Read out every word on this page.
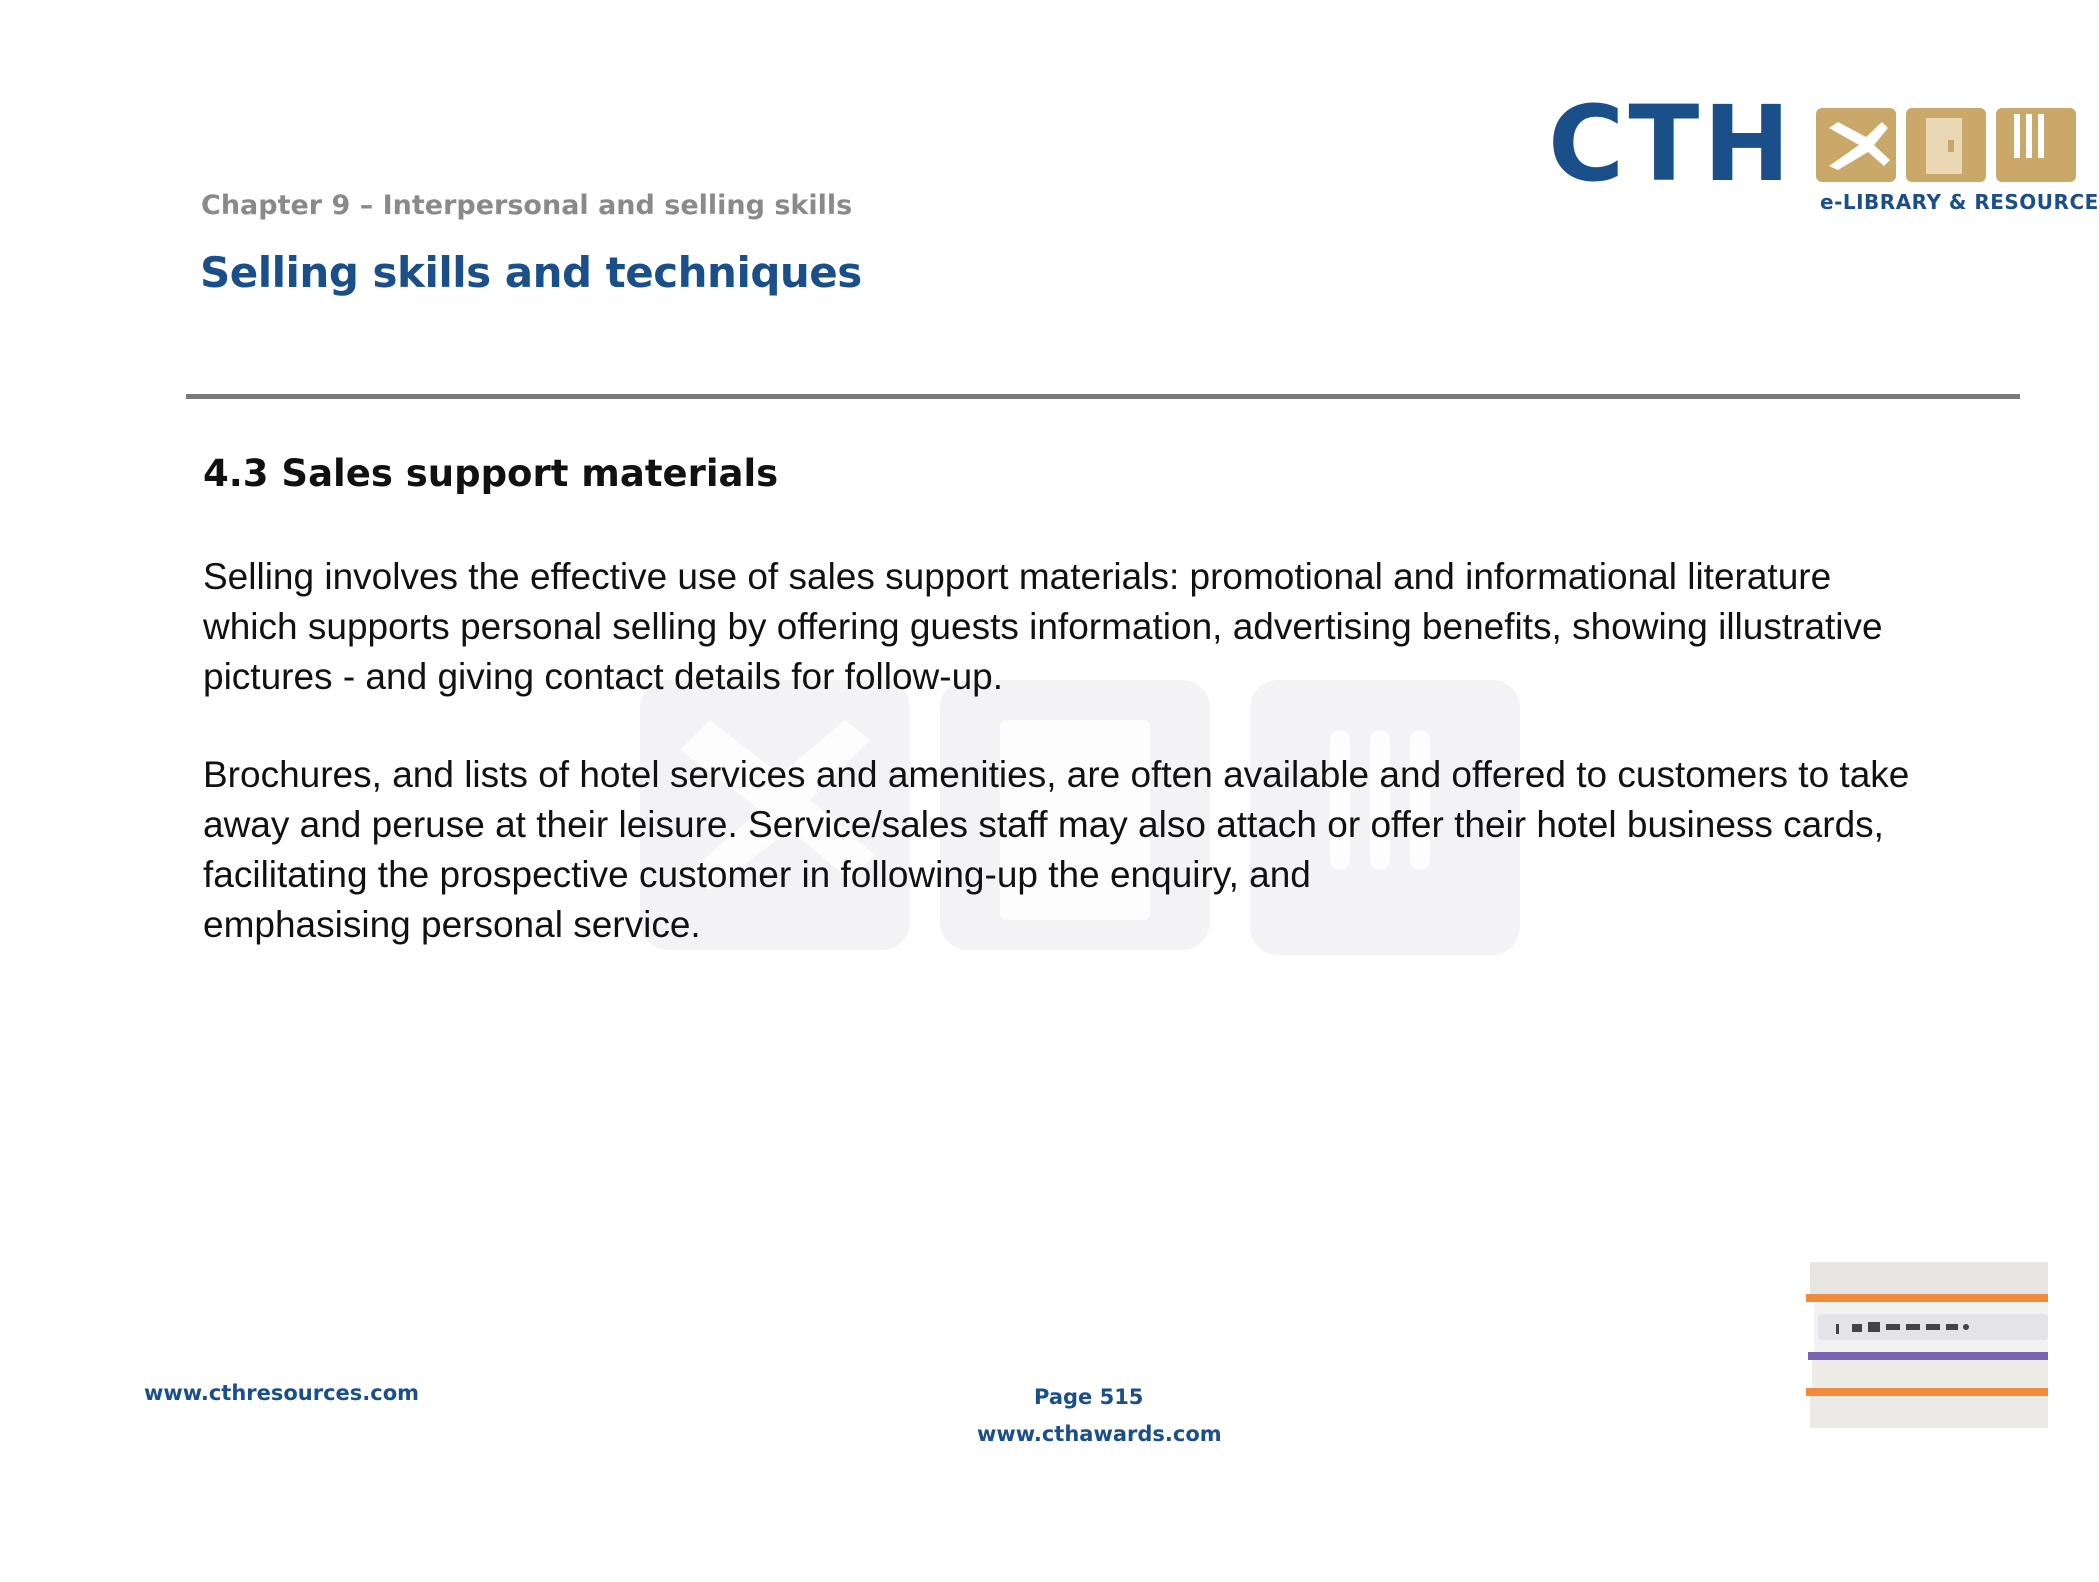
Chapter 9 – Interpersonal and selling skills
Selling skills and techniques
CTH e-LIBRARY & RESOURCE
4.3 Sales support materials

Selling involves the effective use of sales support materials: promotional and informational literature
which supports personal selling by offering guests information, advertising benefits, showing illustrative
pictures - and giving contact details for follow-up.

Brochures, and lists of hotel services and amenities, are often available and offered to customers to take
away and peruse at their leisure. Service/sales staff may also attach or offer their hotel business cards,
facilitating the prospective customer in following-up the enquiry, and
emphasising personal service.

www.cthresources.com	Page 515
www.cthawards.com
